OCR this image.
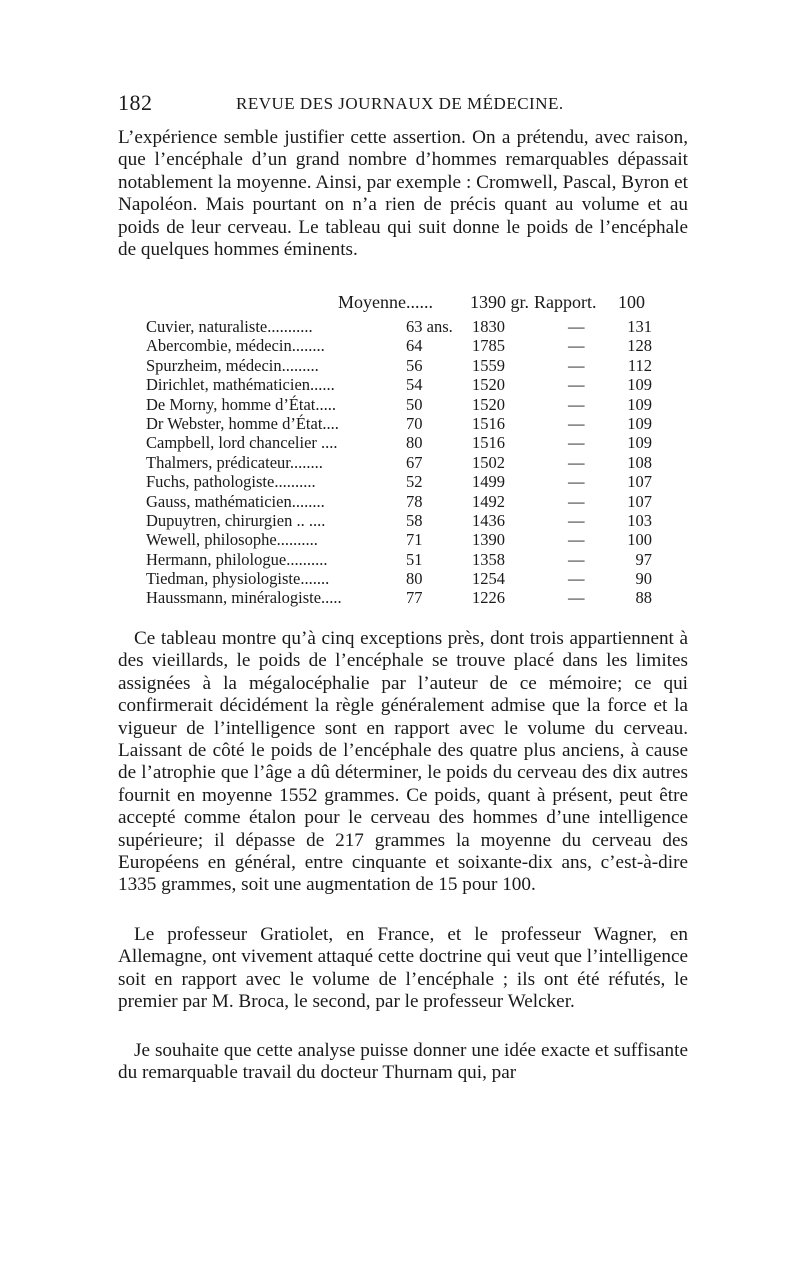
182	REVUE DES JOURNAUX DE MÉDECINE.

L’expérience semble justifier cette assertion. On a prétendu, avec raison, que l’encéphale d’un grand nombre d’hommes remarquables dépassait notablement la moyenne. Ainsi, par exemple : Cromwell, Pascal, Byron et Napoléon. Mais pourtant on n’a rien de précis quant au volume et au poids de leur cerveau. Le tableau qui suit donne le poids de l’encéphale de quelques hommes éminents.

Moyenne...... 1390 gr. Rapport. 100
Cuvier, naturaliste...........	63 ans. 1830	—	131
Abercombie, médecin........	64	1785	—	128
Spurzheim, médecin.........	56	1559	—	112
Dirichlet, mathématicien......	54	1520	—	109
De Morny, homme d’État.....	50	1520	—	109
Dr Webster, homme d’État....	70	1516	—	109
Campbell, lord chancelier ....	80	1516	—	109
Thalmers, prédicateur........	67	1502	—	108
Fuchs, pathologiste..........	52	1499	—	107
Gauss, mathématicien........	78	1492	—	107
Dupuytren, chirurgien .. ....	58	1436	—	103
Wewell, philosophe..........	71	1390	—	100
Hermann, philologue..........	51	1358	—	97
Tiedman, physiologiste.......	80	1254	—	90
Haussmann, minéralogiste.....	77	1226	—	88

Ce tableau montre qu’à cinq exceptions près, dont trois appartiennent à des vieillards, le poids de l’encéphale se trouve placé dans les limites assignées à la mégalocéphalie par l’auteur de ce mémoire; ce qui confirmerait décidément la règle généralement admise que la force et la vigueur de l’intelligence sont en rapport avec le volume du cerveau. Laissant de côté le poids de l’encéphale des quatre plus anciens, à cause de l’atrophie que l’âge a dû déterminer, le poids du cerveau des dix autres fournit en moyenne 1552 grammes. Ce poids, quant à présent, peut être accepté comme étalon pour le cerveau des hommes d’une intelligence supérieure; il dépasse de 217 grammes la moyenne du cerveau des Européens en général, entre cinquante et soixante-dix ans, c’est-à-dire 1335 grammes, soit une augmentation de 15 pour 100.

Le professeur Gratiolet, en France, et le professeur Wagner, en Allemagne, ont vivement attaqué cette doctrine qui veut que l’intelligence soit en rapport avec le volume de l’encéphale ; ils ont été réfutés, le premier par M. Broca, le second, par le professeur Welcker.

Je souhaite que cette analyse puisse donner une idée exacte et suffisante du remarquable travail du docteur Thurnam qui, par
